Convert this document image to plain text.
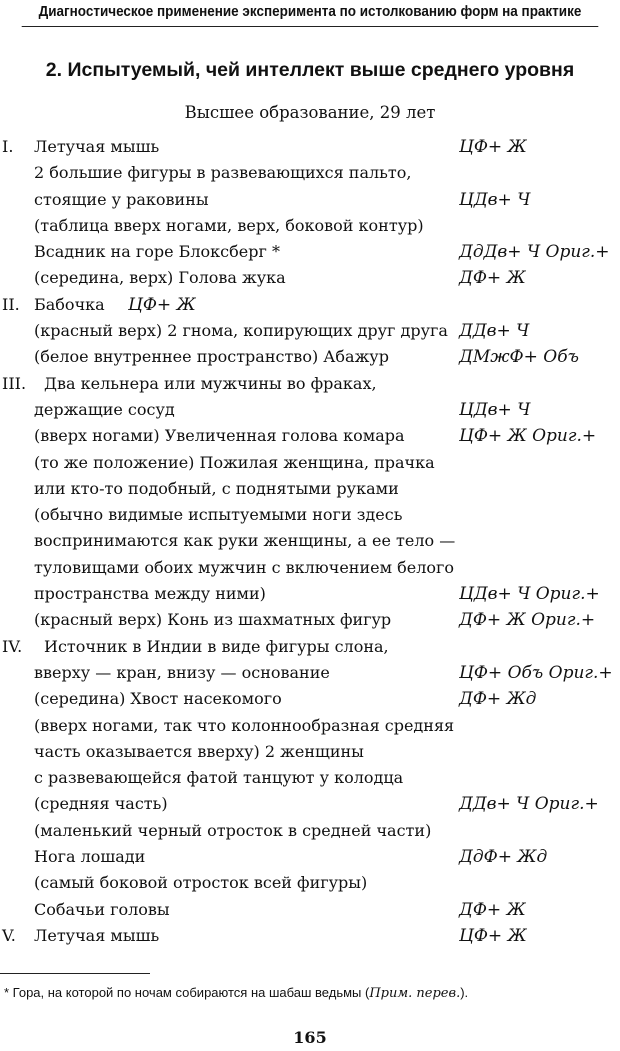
Диагностическое применение эксперимента по истолкованию форм на практике
2. Испытуемый, чей интеллект выше среднего уровня
Высшее образование, 29 лет
I. Летучая мышь	ЦФ+ Ж
2 большие фигуры в развевающихся пальто,
стоящие у раковины	ЦДв+ Ч
(таблица вверх ногами, верх, боковой контур)
Всадник на горе Блоксберг *	ДдДв+ Ч Ориг.+
(середина, верх) Голова жука	ДФ+ Ж
II. Бабочка ЦФ+ Ж
(красный верх) 2 гнома, копирующих друг друга ДДв+ Ч
(белое внутреннее пространство) Абажур	ДМжФ+ Объ
III. Два кельнера или мужчины во фраках,
держащие сосуд	ЦДв+ Ч
(вверх ногами) Увеличенная голова комара	ЦФ+ Ж Ориг.+
(то же положение) Пожилая женщина, прачка
или кто-то подобный, с поднятыми руками
(обычно видимые испытуемыми ноги здесь
воспринимаются как руки женщины, а ее тело —
туловищами обоих мужчин с включением белого
пространства между ними)	ЦДв+ Ч Ориг.+
(красный верх) Конь из шахматных фигур	ДФ+ Ж Ориг.+
IV. Источник в Индии в виде фигуры слона,
вверху — кран, внизу — основание	ЦФ+ Объ Ориг.+
(середина) Хвост насекомого	ДФ+ Жд
(вверх ногами, так что колоннообразная средняя
часть оказывается вверху) 2 женщины
с развевающейся фатой танцуют у колодца
(средняя часть)	ДДв+ Ч Ориг.+
(маленький черный отросток в средней части)
Нога лошади	ДдФ+ Жд
(самый боковой отросток всей фигуры)
Собачьи головы	ДФ+ Ж
V. Летучая мышь	ЦФ+ Ж
* Гора, на которой по ночам собираются на шабаш ведьмы (Прим. перев.).
165
